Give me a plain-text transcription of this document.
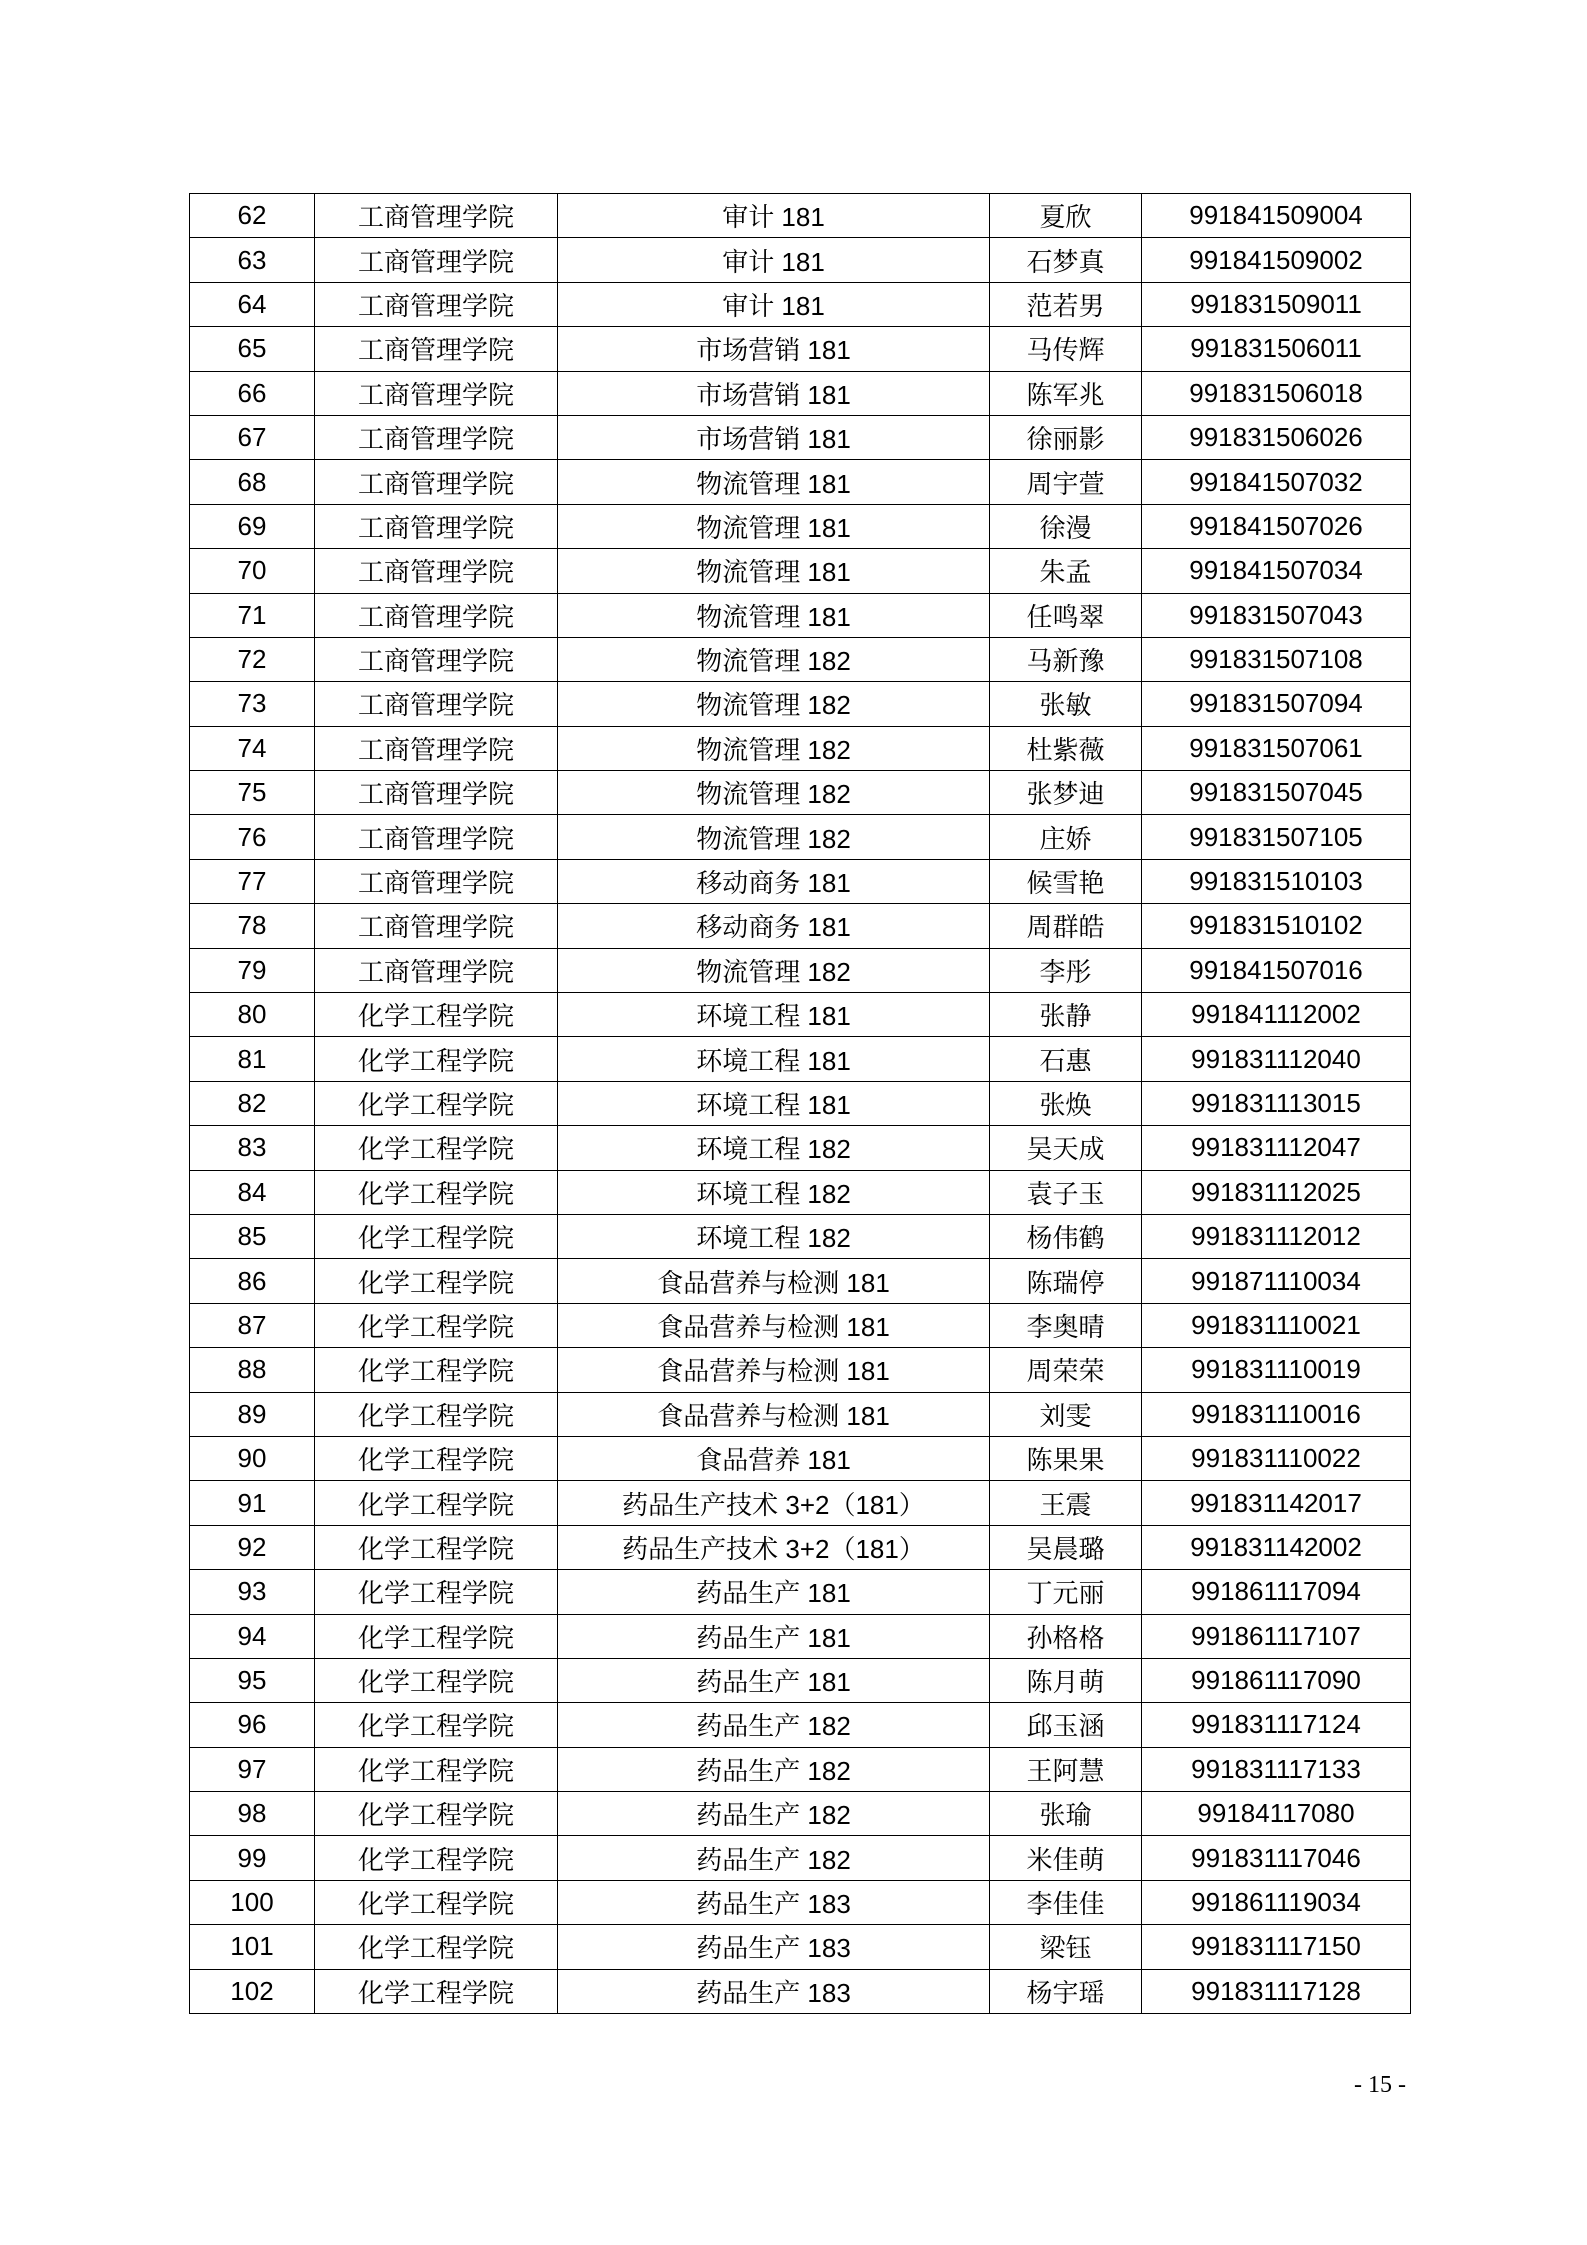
62	工商管理学院	审计 181	夏欣	991841509004
63	工商管理学院	审计 181	石梦真	991841509002
64	工商管理学院	审计 181	范若男	991831509011
65	工商管理学院	市场营销 181	马传辉	991831506011
66	工商管理学院	市场营销 181	陈军兆	991831506018
67	工商管理学院	市场营销 181	徐丽影	991831506026
68	工商管理学院	物流管理 181	周宇萱	991841507032
69	工商管理学院	物流管理 181	徐漫	991841507026
70	工商管理学院	物流管理 181	朱孟	991841507034
71	工商管理学院	物流管理 181	任鸣翠	991831507043
72	工商管理学院	物流管理 182	马新豫	991831507108
73	工商管理学院	物流管理 182	张敏	991831507094
74	工商管理学院	物流管理 182	杜紫薇	991831507061
75	工商管理学院	物流管理 182	张梦迪	991831507045
76	工商管理学院	物流管理 182	庄娇	991831507105
77	工商管理学院	移动商务 181	候雪艳	991831510103
78	工商管理学院	移动商务 181	周群皓	991831510102
79	工商管理学院	物流管理 182	李彤	991841507016
80	化学工程学院	环境工程 181	张静	991841112002
81	化学工程学院	环境工程 181	石惠	991831112040
82	化学工程学院	环境工程 181	张焕	991831113015
83	化学工程学院	环境工程 182	吴天成	991831112047
84	化学工程学院	环境工程 182	袁子玉	991831112025
85	化学工程学院	环境工程 182	杨伟鹤	991831112012
86	化学工程学院	食品营养与检测 181	陈瑞停	991871110034
87	化学工程学院	食品营养与检测 181	李奥晴	991831110021
88	化学工程学院	食品营养与检测 181	周荣荣	991831110019
89	化学工程学院	食品营养与检测 181	刘雯	991831110016
90	化学工程学院	食品营养 181	陈果果	991831110022
91	化学工程学院	药品生产技术 3+2（181）	王震	991831142017
92	化学工程学院	药品生产技术 3+2（181）	吴晨璐	991831142002
93	化学工程学院	药品生产 181	丁元丽	991861117094
94	化学工程学院	药品生产 181	孙格格	991861117107
95	化学工程学院	药品生产 181	陈月萌	991861117090
96	化学工程学院	药品生产 182	邱玉涵	991831117124
97	化学工程学院	药品生产 182	王阿慧	991831117133
98	化学工程学院	药品生产 182	张瑜	99184117080
99	化学工程学院	药品生产 182	米佳萌	991831117046
100	化学工程学院	药品生产 183	李佳佳	991861119034
101	化学工程学院	药品生产 183	梁钰	991831117150
102	化学工程学院	药品生产 183	杨宇瑶	991831117128
- 15 -
